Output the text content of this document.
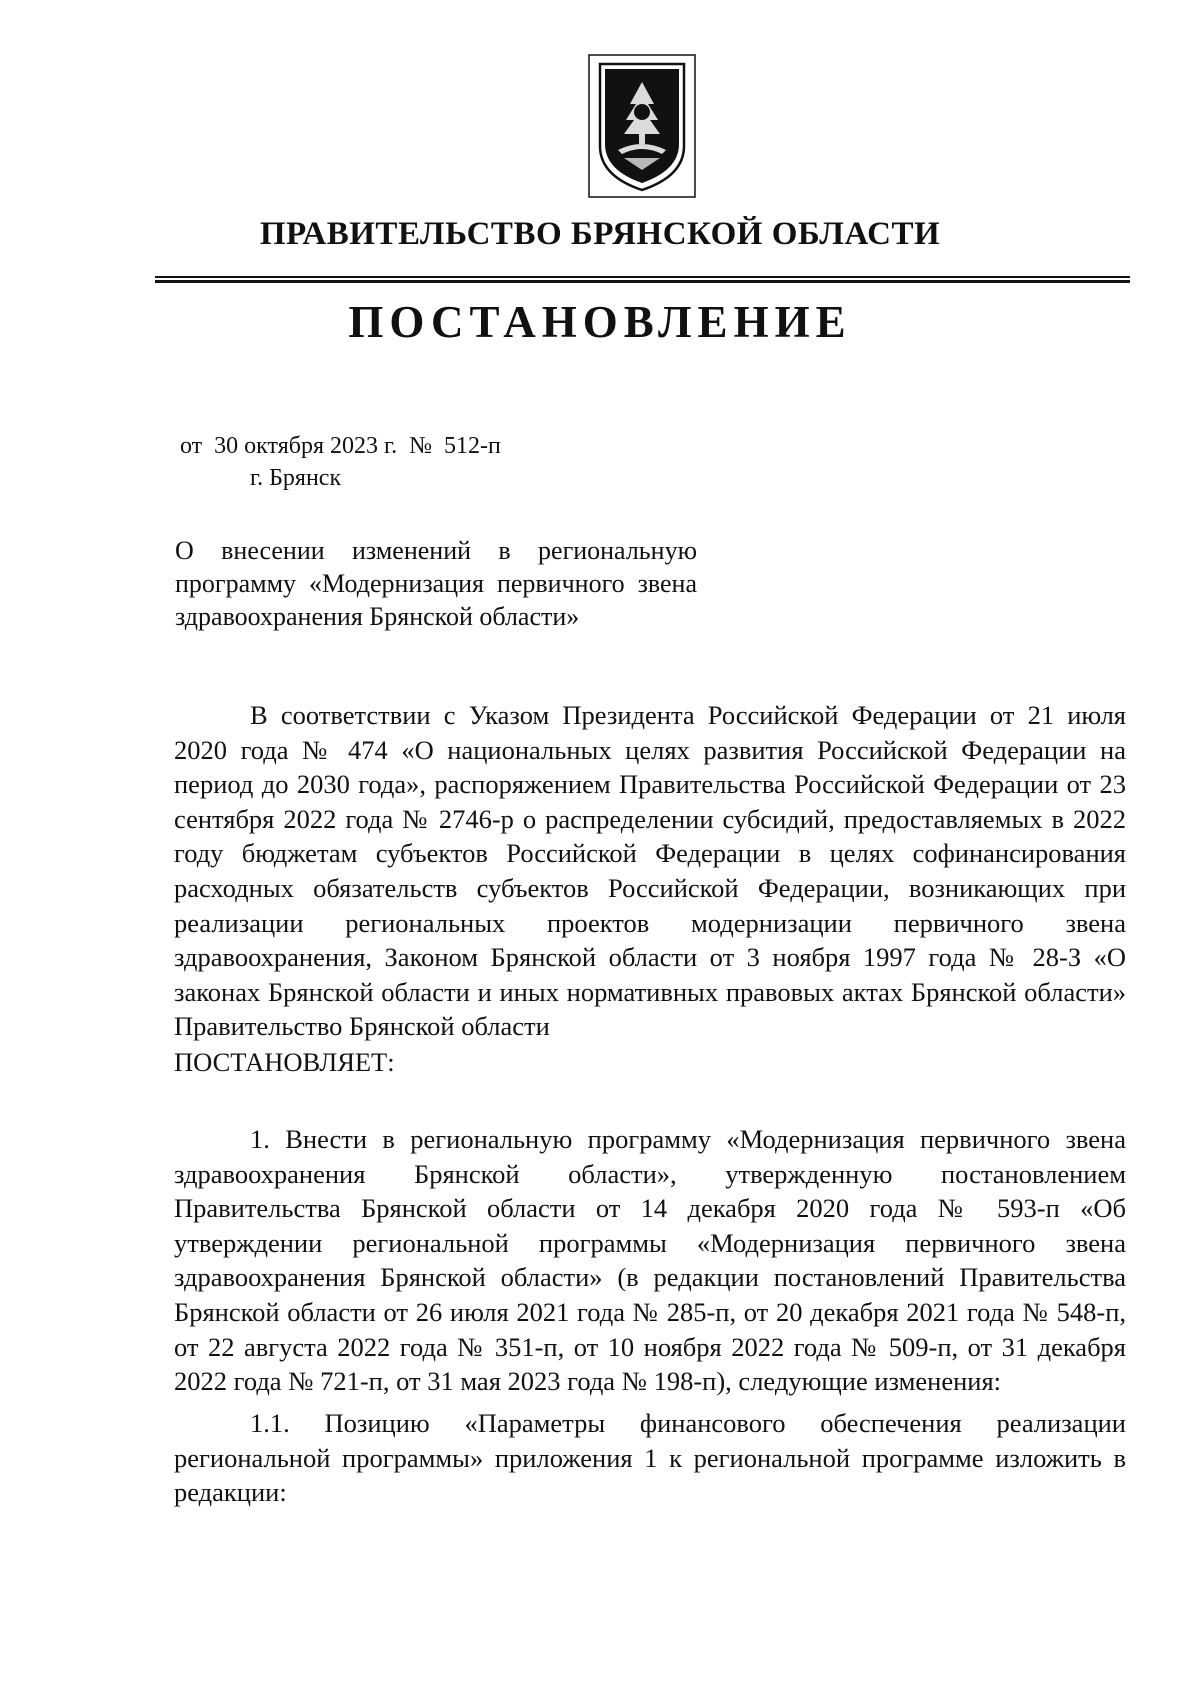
ПРАВИТЕЛЬСТВО БРЯНСКОЙ ОБЛАСТИ
ПОСТАНОВЛЕНИЕ
от  30 октября 2023 г.  №  512-п
г. Брянск
О внесении изменений в региональную программу «Модернизация первичного звена здравоохранения Брянской области»
В соответствии с Указом Президента Российской Федерации от 21 июля 2020 года № 474 «О национальных целях развития Российской Федерации на период до 2030 года», распоряжением Правительства Российской Федерации от 23 сентября 2022 года № 2746-р о распределении субсидий, предоставляемых в 2022 году бюджетам субъектов Российской Федерации в целях софинансирования расходных обязательств субъектов Российской Федерации, возникающих при реализации региональных проектов модернизации первичного звена здравоохранения, Законом Брянской области от 3 ноября 1997 года № 28-З «О законах Брянской области и иных нормативных правовых актах Брянской области» Правительство Брянской области
ПОСТАНОВЛЯЕТ:
1. Внести в региональную программу «Модернизация первичного звена здравоохранения Брянской области», утвержденную постановлением Правительства Брянской области от 14 декабря 2020 года № 593-п «Об утверждении региональной программы «Модернизация первичного звена здравоохранения Брянской области» (в редакции постановлений Правительства Брянской области от 26 июля 2021 года № 285-п, от 20 декабря 2021 года № 548-п, от 22 августа 2022 года № 351-п, от 10 ноября 2022 года № 509-п, от 31 декабря 2022 года № 721-п, от 31 мая 2023 года № 198-п), следующие изменения:
1.1. Позицию «Параметры финансового обеспечения реализации региональной программы» приложения 1 к региональной программе изложить в редакции:
